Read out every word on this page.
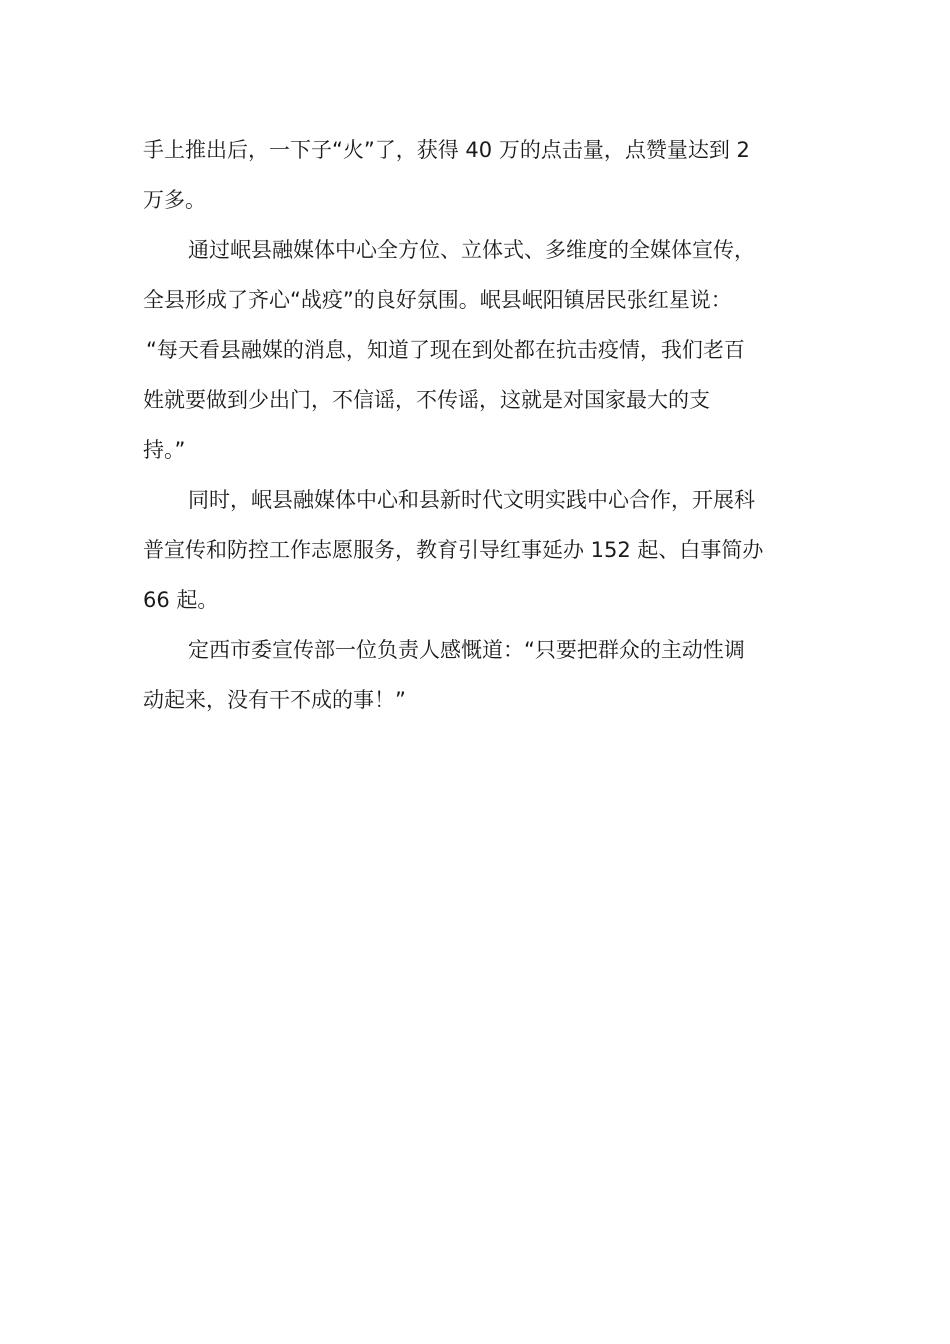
手上推出后，一下子“火”了，获得 40 万的点击量，点赞量达到 2
万多。
通过岷县融媒体中心全方位、立体式、多维度的全媒体宣传，
全县形成了齐心“战疫”的良好氛围。岷县岷阳镇居民张红星说：
“每天看县融媒的消息，知道了现在到处都在抗击疫情，我们老百
姓就要做到少出门，不信谣，不传谣，这就是对国家最大的支
持。”
同时，岷县融媒体中心和县新时代文明实践中心合作，开展科
普宣传和防控工作志愿服务，教育引导红事延办 152 起、白事简办
66 起。
定西市委宣传部一位负责人感慨道：“只要把群众的主动性调
动起来，没有干不成的事！”
